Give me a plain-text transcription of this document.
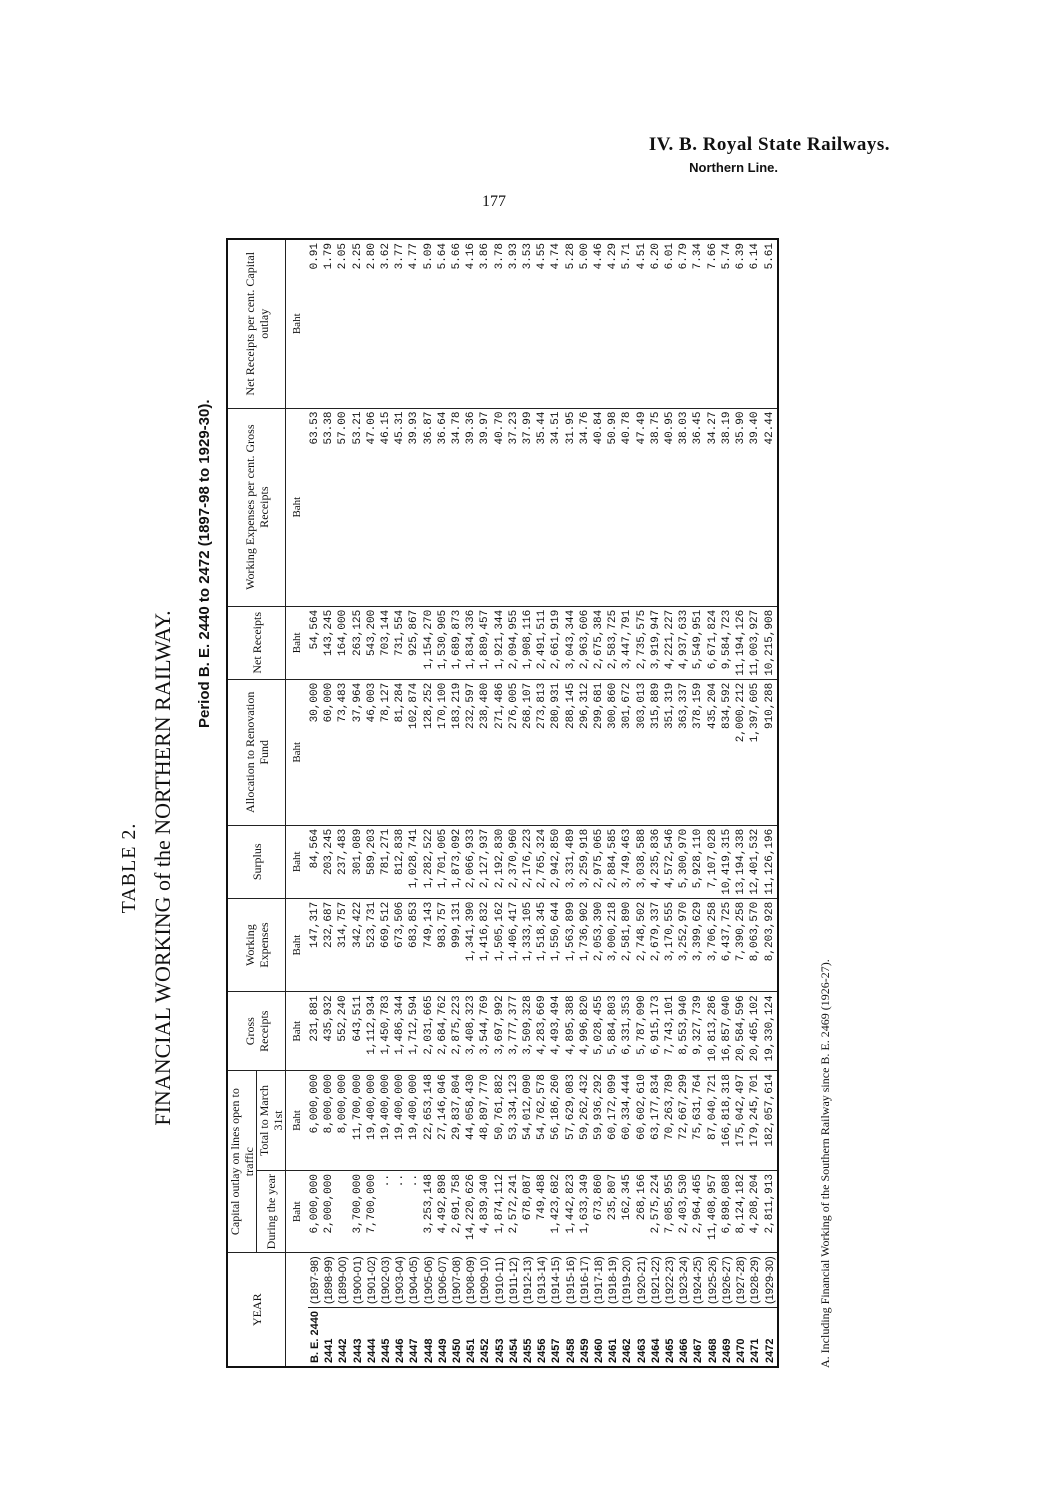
IV. B. Royal State Railways.
Northern Line.
177
TABLE 2. FINANCIAL WORKING of the NORTHERN RAILWAY.
Period B. E. 2440 to 2472 (1897-98 to 1929-30).
YEAR		Capital outlay on lines open to traffic		Gross Receipts	Working Expenses	Surplus	Allocation to Renovation Fund	Net Receipts	Working Expenses per cent. Gross Receipts	Net Receipts per cent. Capital outlay
		During the year	Total to March 31st							
		Baht	Baht	Baht	Baht	Baht	Baht	Baht	Baht	Baht
B. E. 2440	(1897-98)	6,000,000	6,000,000	231,881	147,317	84,564	30,000	54,564	63.53	0.91
2441	(1898-99)	2,000,000	8,000,000	435,932	232,687	203,245	60,000	143,245	53.38	1.79
2442	(1899-00)		8,000,000	552,240	314,757	237,483	73,483	164,000	57.00	2.05
2443	(1900-01)	3,700,000	11,700,000	643,511	342,422	301,089	37,964	263,125	53.21	2.25
2444	(1901-02)	7,700,000	19,400,000	1,112,934	523,731	589,203	46,003	543,200	47.06	2.80
2445	(1902-03)	..	19,400,000	1,450,783	669,512	781,271	78,127	703,144	46.15	3.62
2446	(1903-04)	..	19,400,000	1,486,344	673,506	812,838	81,284	731,554	45.31	3.77
2447	(1904-05)	..	19,400,000	1,712,594	683,853	1,028,741	102,874	925,867	39.93	4.77
2448	(1905-06)	3,253,148	22,653,148	2,031,665	749,143	1,282,522	128,252	1,154,270	36.87	5.09
2449	(1906-07)	4,492,898	27,146,046	2,684,762	983,757	1,701,005	170,100	1,530,905	36.64	5.64
2450	(1907-08)	2,691,758	29,837,804	2,875,223	999,131	1,873,092	183,219	1,689,873	34.78	5.66
2451	(1908-09)	14,220,626	44,058,430	3,408,323	1,341,390	2,066,933	232,597	1,834,336	39.36	4.16
2452	(1909-10)	4,839,340	48,897,770	3,544,769	1,416,832	2,127,937	238,480	1,889,457	39.97	3.86
2453	(1910-11)	1,874,112	50,761,882	3,697,992	1,505,162	2,192,830	271,486	1,921,344	40.70	3.78
2454	(1911-12)	2,572,241	53,334,123	3,777,377	1,406,417	2,370,960	276,005	2,094,955	37.23	3.93
2455	(1912-13)	678,087	54,012,090	3,509,328	1,333,105	2,176,223	268,107	1,908,116	37.99	3.53
2456	(1913-14)	749,488	54,762,578	4,283,669	1,518,345	2,765,324	273,813	2,491,511	35.44	4.55
2457	(1914-15)	1,423,682	56,186,260	4,493,494	1,550,644	2,942,850	280,931	2,661,919	34.51	4.74
2458	(1915-16)	1,442,823	57,629,083	4,895,388	1,563,899	3,331,489	288,145	3,043,344	31.95	5.28
2459	(1916-17)	1,633,349	59,262,432	4,996,820	1,736,902	3,259,918	296,312	2,963,606	34.76	5.00
2460	(1917-18)	673,860	59,936,292	5,028,455	2,053,390	2,975,065	299,681	2,675,384	40.84	4.46
2461	(1918-19)	235,807	60,172,099	5,884,803	3,000,218	2,884,585	300,860	2,583,725	50.98	4.29
2462	(1919-20)	162,345	60,334,444	6,331,353	2,581,890	3,749,463	301,672	3,447,791	40.78	5.71
2463	(1920-21)	268,166	60,602,610	5,787,090	2,748,502	3,038,588	303,013	2,735,575	47.49	4.51
2464	(1921-22)	2,575,224	63,177,834	6,915,173	2,679,337	4,235,836	315,889	3,919,947	38.75	6.20
2465	(1922-23)	7,085,955	70,263,789	7,743,101	3,170,555	4,572,546	351,319	4,221,227	40.95	6.01
2466	(1923-24)	2,403,530	72,667,299	8,553,940	3,252,970	5,300,970	363,337	4,937,633	38.03	6.79
2467	(1924-25)	2,964,465	75,631,764	9,327,739	3,399,629	5,928,110	378,159	5,549,951	36.45	7.34
2468	(1925-26)	11,408,957	87,040,721	10,813,286	3,706,258	7,107,028	435,204	6,671,824	34.27	7.66
2469	(1926-27)	6,898,088	166,818,318	16,857,040	6,437,725	10,419,315	834,592	9,584,723	38.19	5.74
2470	(1927-28)	8,124,182	175,042,497	20,584,596	7,390,258	13,194,338	2,000,212	11,194,126	35.90	6.39
2471	(1928-29)	4,208,204	179,245,701	20,465,102	8,063,570	12,401,532	1,397,605	11,003,927	39.40	6.14
2472	(1929-30)	2,811,913	182,057,614	19,330,124	8,203,928	11,126,196	910,288	10,215,908	42.44	5.61
A. Including Financial Working of the Southern Railway since B. E. 2469 (1926-27).
